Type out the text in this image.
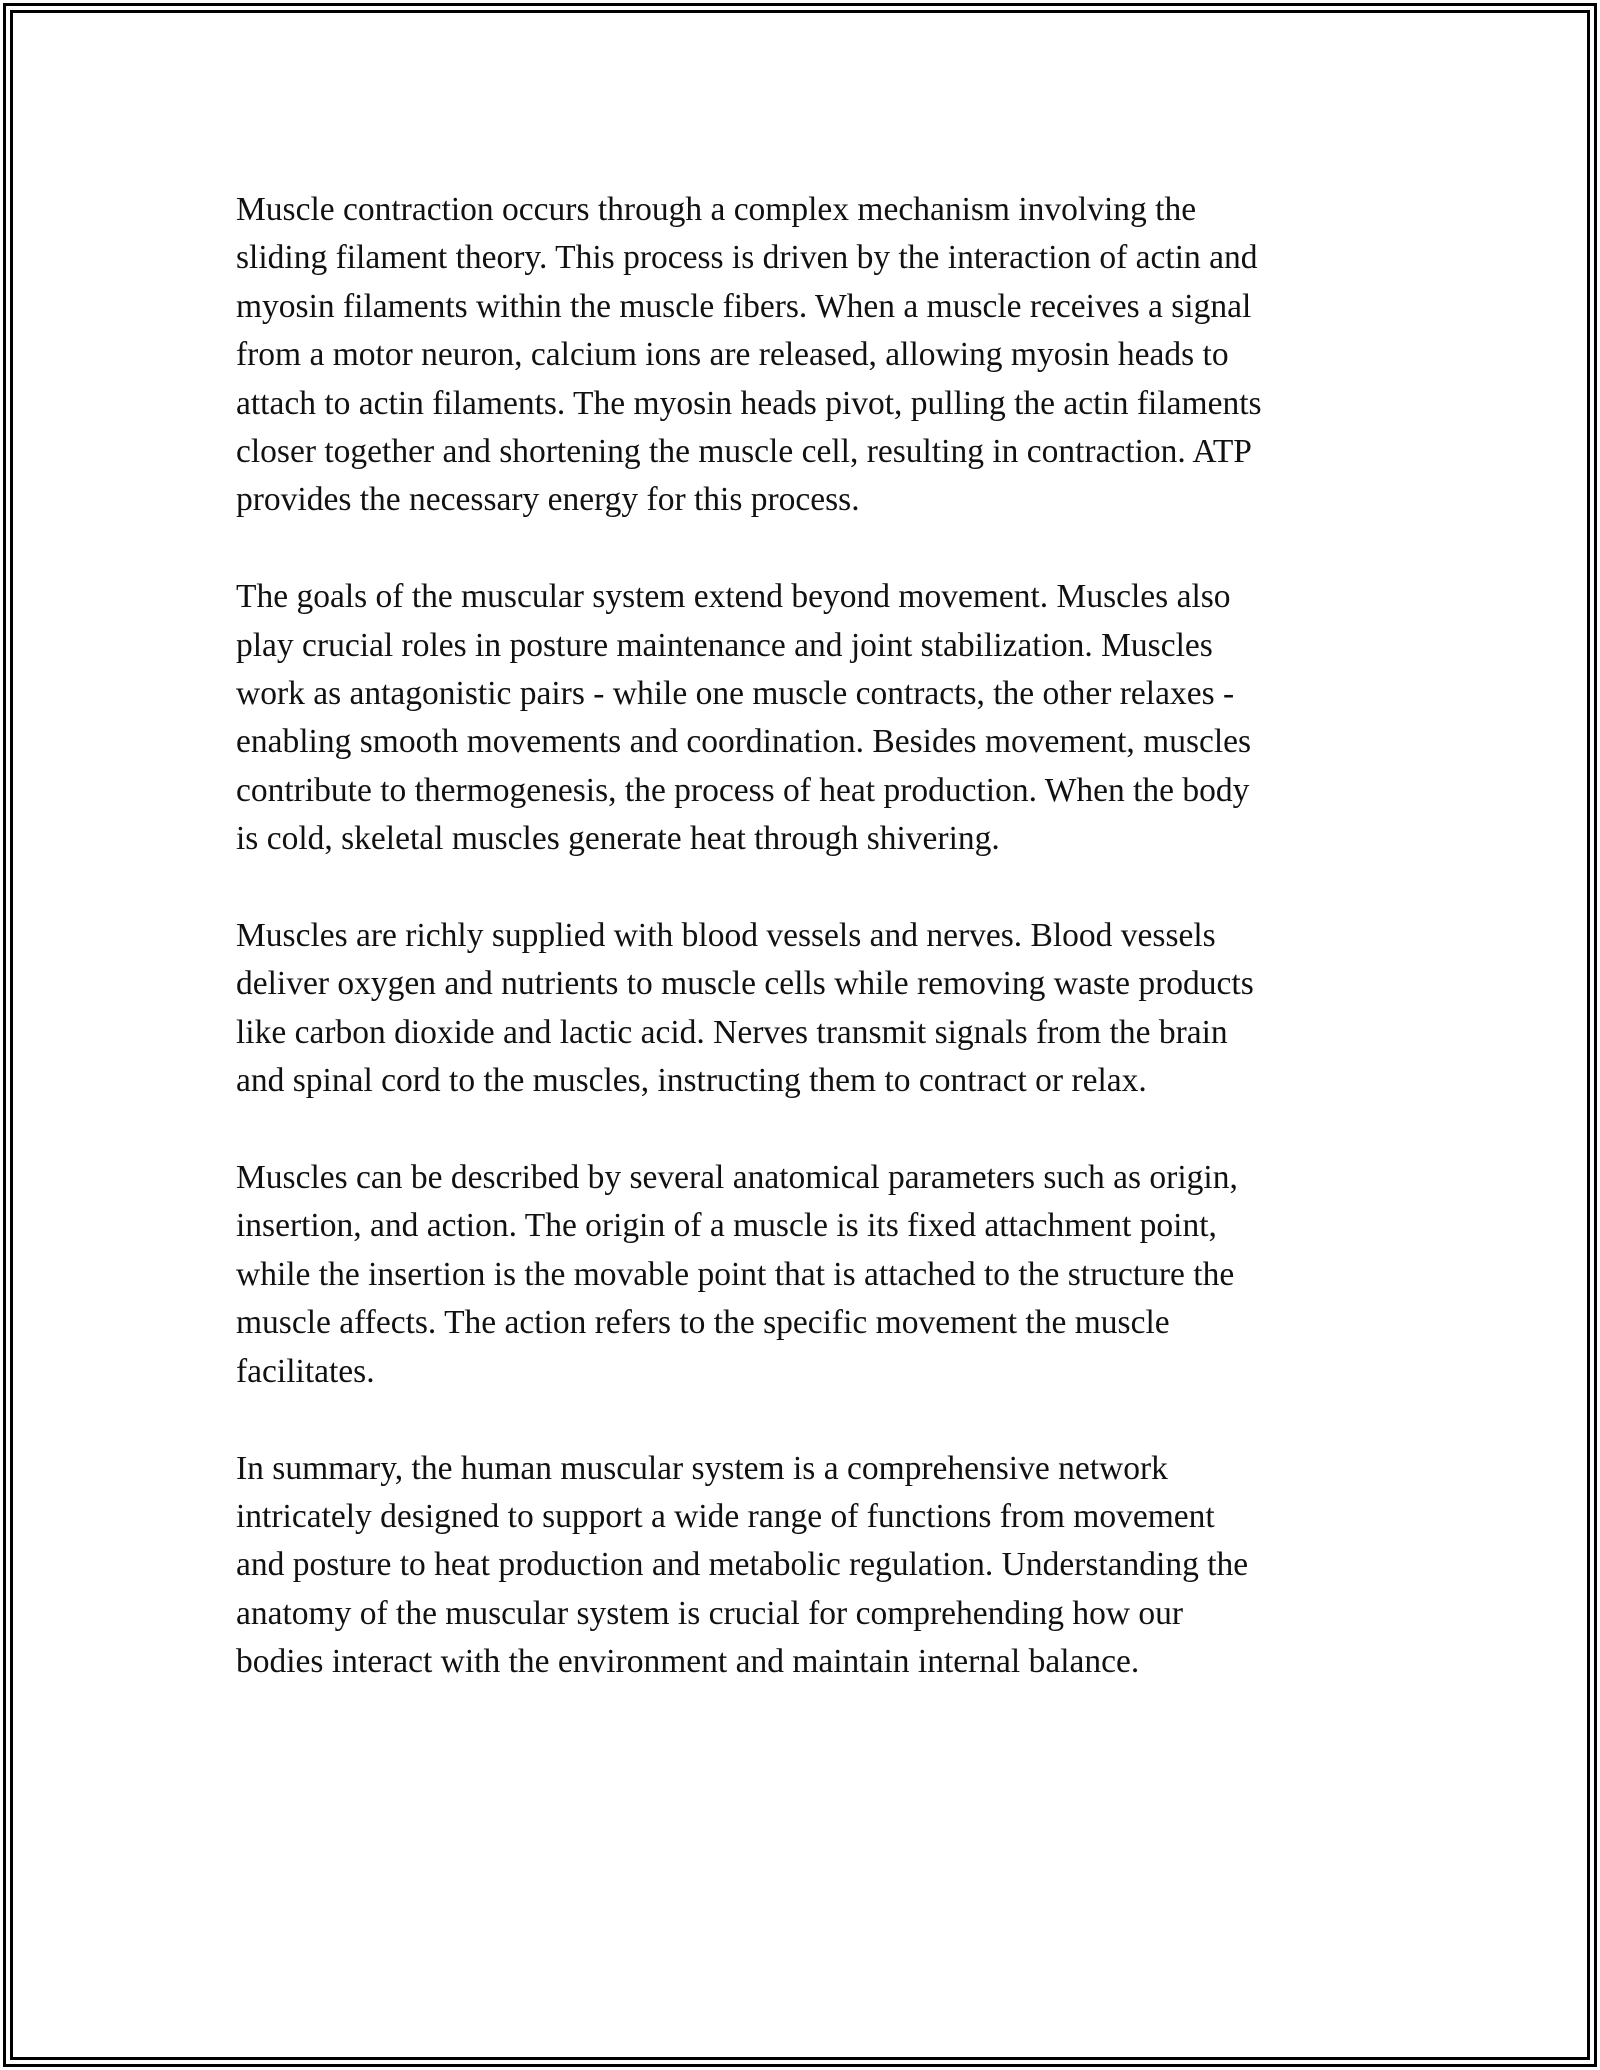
Muscle contraction occurs through a complex mechanism involving the
sliding filament theory. This process is driven by the interaction of actin and
myosin filaments within the muscle fibers. When a muscle receives a signal
from a motor neuron, calcium ions are released, allowing myosin heads to
attach to actin filaments. The myosin heads pivot, pulling the actin filaments
closer together and shortening the muscle cell, resulting in contraction. ATP
provides the necessary energy for this process.

The goals of the muscular system extend beyond movement. Muscles also
play crucial roles in posture maintenance and joint stabilization. Muscles
work as antagonistic pairs - while one muscle contracts, the other relaxes -
enabling smooth movements and coordination. Besides movement, muscles
contribute to thermogenesis, the process of heat production. When the body
is cold, skeletal muscles generate heat through shivering.

Muscles are richly supplied with blood vessels and nerves. Blood vessels
deliver oxygen and nutrients to muscle cells while removing waste products
like carbon dioxide and lactic acid. Nerves transmit signals from the brain
and spinal cord to the muscles, instructing them to contract or relax.

Muscles can be described by several anatomical parameters such as origin,
insertion, and action. The origin of a muscle is its fixed attachment point,
while the insertion is the movable point that is attached to the structure the
muscle affects. The action refers to the specific movement the muscle
facilitates.

In summary, the human muscular system is a comprehensive network
intricately designed to support a wide range of functions from movement
and posture to heat production and metabolic regulation. Understanding the
anatomy of the muscular system is crucial for comprehending how our
bodies interact with the environment and maintain internal balance.
